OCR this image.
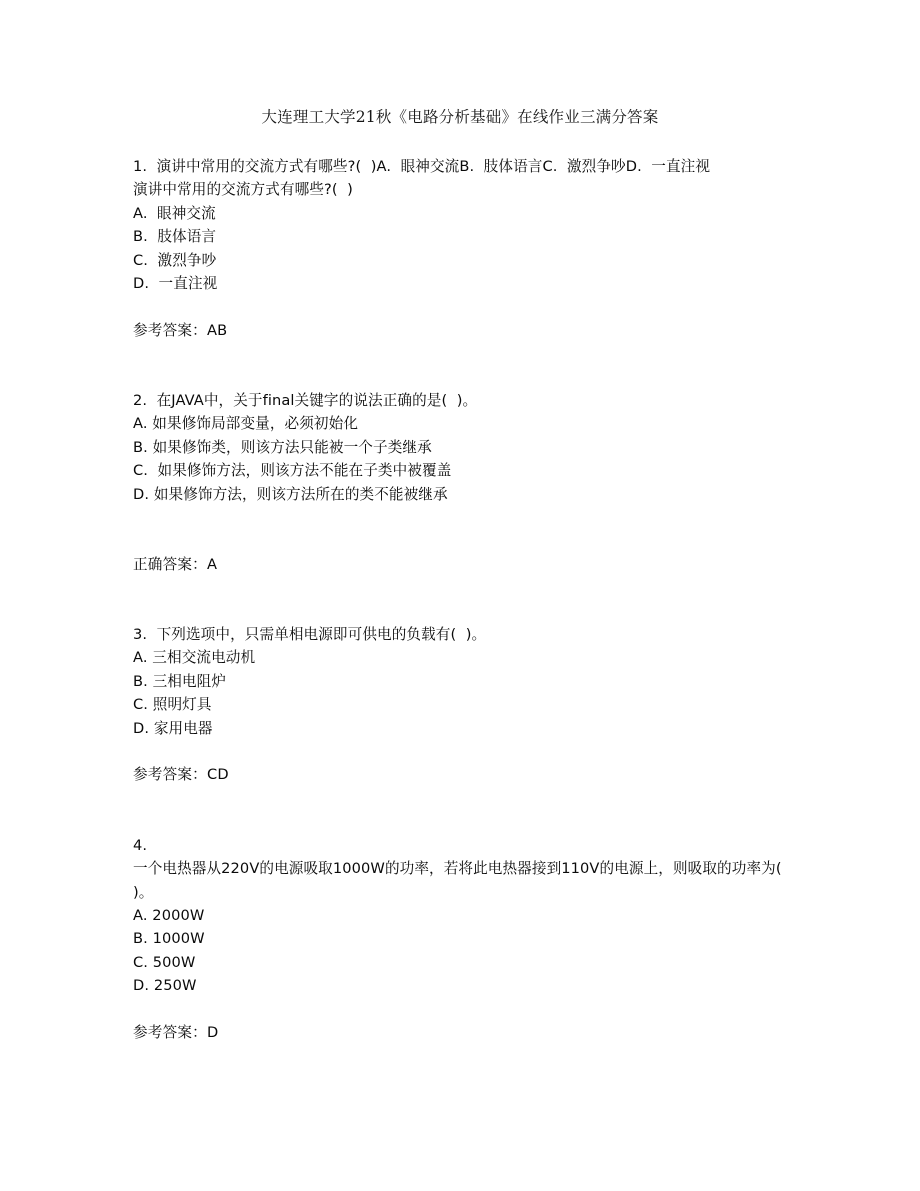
大连理工大学21秋《电路分析基础》在线作业三满分答案
1.  演讲中常用的交流方式有哪些?(  )A.  眼神交流B.  肢体语言C.  激烈争吵D.  一直注视
演讲中常用的交流方式有哪些?(  )
A.  眼神交流
B.  肢体语言
C.  激烈争吵
D.  一直注视
参考答案：AB
2.  在JAVA中，关于final关键字的说法正确的是(  )。
A. 如果修饰局部变量，必须初始化
B. 如果修饰类，则该方法只能被一个子类继承
C.  如果修饰方法，则该方法不能在子类中被覆盖
D. 如果修饰方法，则该方法所在的类不能被继承
正确答案：A
3.  下列选项中，只需单相电源即可供电的负载有(  )。
A. 三相交流电动机
B. 三相电阻炉
C. 照明灯具
D. 家用电器
参考答案：CD
4.
一个电热器从220V的电源吸取1000W的功率，若将此电热器接到110V的电源上，则吸取的功率为(  )。
A. 2000W
B. 1000W
C. 500W
D. 250W
参考答案：D
